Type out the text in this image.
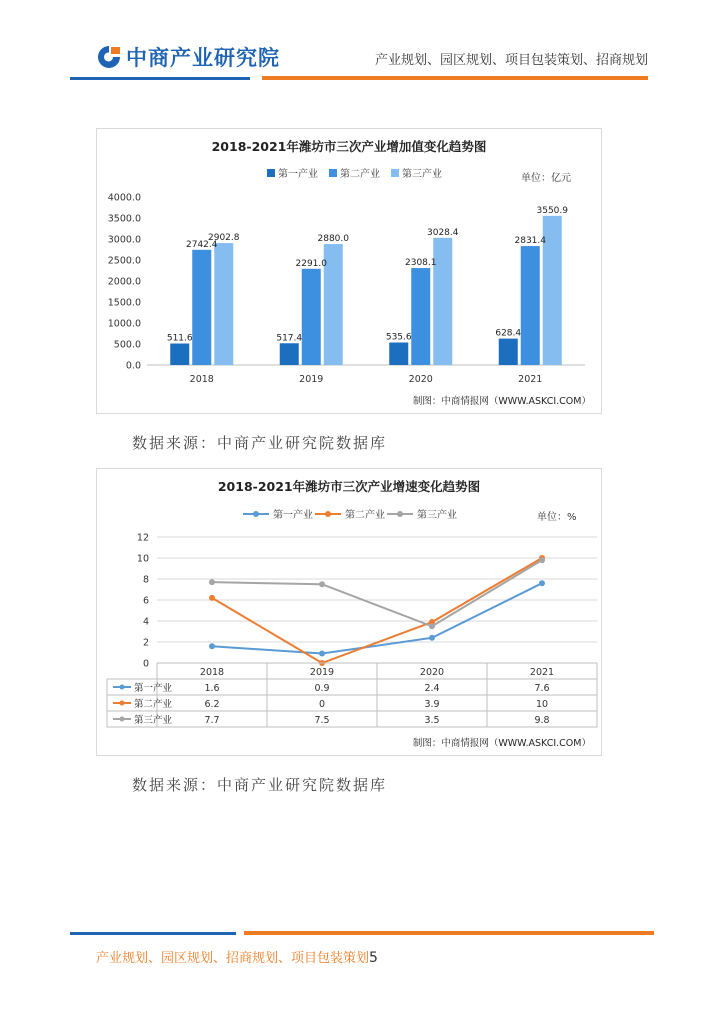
中商产业研究院	产业规划、园区规划、项目包装策划、招商规划
2018-2021年潍坊市三次产业增加值变化趋势图
第一产业 第二产业 第三产业	单位：亿元
0.0
500.0
1000.0
1500.0
2000.0
2500.0
3000.0
3500.0
4000.0
511.6
2742.4
2902.8
517.4
2291.0
2880.0
535.6
2308.1
3028.4
628.4
2831.4
3550.9
2018	2019	2020	2021
制图：中商情报网（WWW.ASKCI.COM）
数据来源：中商产业研究院数据库
2018-2021年潍坊市三次产业增速变化趋势图
第一产业	第二产业	第三产业	单位：%
0
2
4
6
8
10
12
2018	2019	2020	2021
第一产业	1.6	0.9	2.4	7.6
第二产业	6.2	0	3.9	10
第三产业	7.7	7.5	3.5	9.8
制图：中商情报网（WWW.ASKCI.COM）
数据来源：中商产业研究院数据库
产业规划、园区规划、招商规划、项目包装策划5
